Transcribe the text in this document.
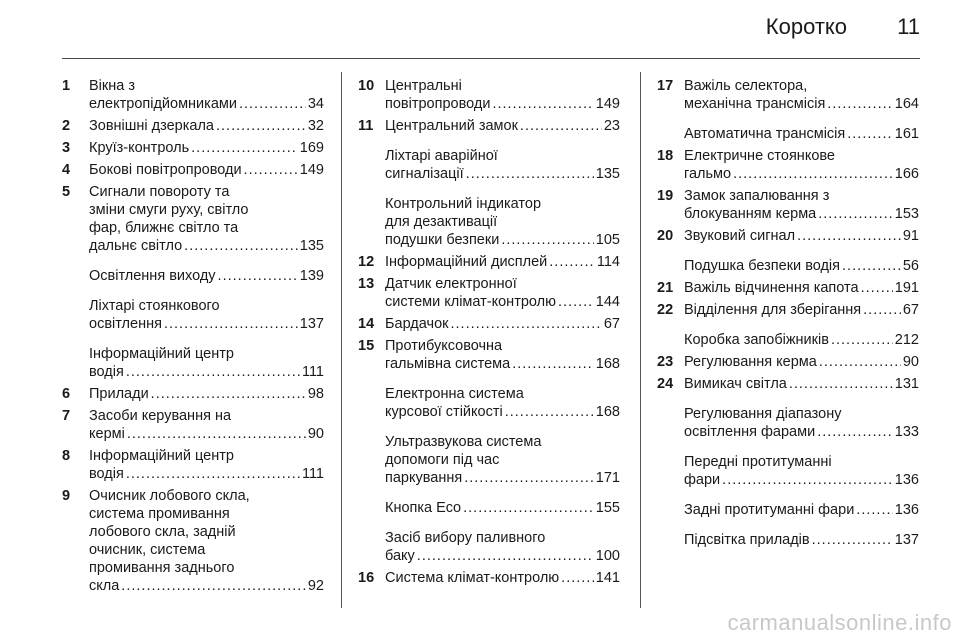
Коротко 11
1 Вікна з
електропідйомниками .....	34
2 Зовнішні дзеркала .....	32
3 Круїз-контроль .....	169
4 Бокові повітропроводи .....	149
5 Сигнали повороту та
зміни смуги руху, світло
фар, ближнє світло та
дальнє світло .....	135
Освітлення виходу .....	139
Ліхтарі стоянкового
освітлення .....	137
Інформаційний центр
водія .....	111
6 Прилади .....	98
7 Засоби керування на
кермі .....	90
8 Інформаційний центр
водія .....	111
9 Очисник лобового скла,
система промивання
лобового скла, задній
очисник, система
промивання заднього
скла .....	92
10 Центральні
повітропроводи .....	149
11 Центральний замок .....	23
Ліхтарі аварійної
сигналізації .....	135
Контрольний індикатор
для дезактивації
подушки безпеки .....	105
12 Інформаційний дисплей .....	114
13 Датчик електронної
системи клімат-контролю .....	144
14 Бардачок .....	67
15 Протибуксовочна
гальмівна система .....	168
Електронна система
курсової стійкості .....	168
Ультразвукова система
допомоги під час
паркування .....	171
Кнопка Eco .....	155
Засіб вибору паливного
баку .....	100
16 Система клімат-контролю .....	141
17 Важіль селектора,
механічна трансмісія .....	164
Автоматична трансмісія .....	161
18 Електричне стоянкове
гальмо .....	166
19 Замок запалювання з
блокуванням керма .....	153
20 Звуковий сигнал .....	91
Подушка безпеки водія .....	56
21 Важіль відчинення капота ..... 191
22 Відділення для зберігання .....	67
Коробка запобіжників .....	212
23 Регулювання керма .....	90
24 Вимикач світла .....	131
Регулювання діапазону
освітлення фарами .....	133
Передні протитуманні
фари .....	136
Задні протитуманні фари .....	136
Підсвітка приладів .....	137
carmanualsonline.info
